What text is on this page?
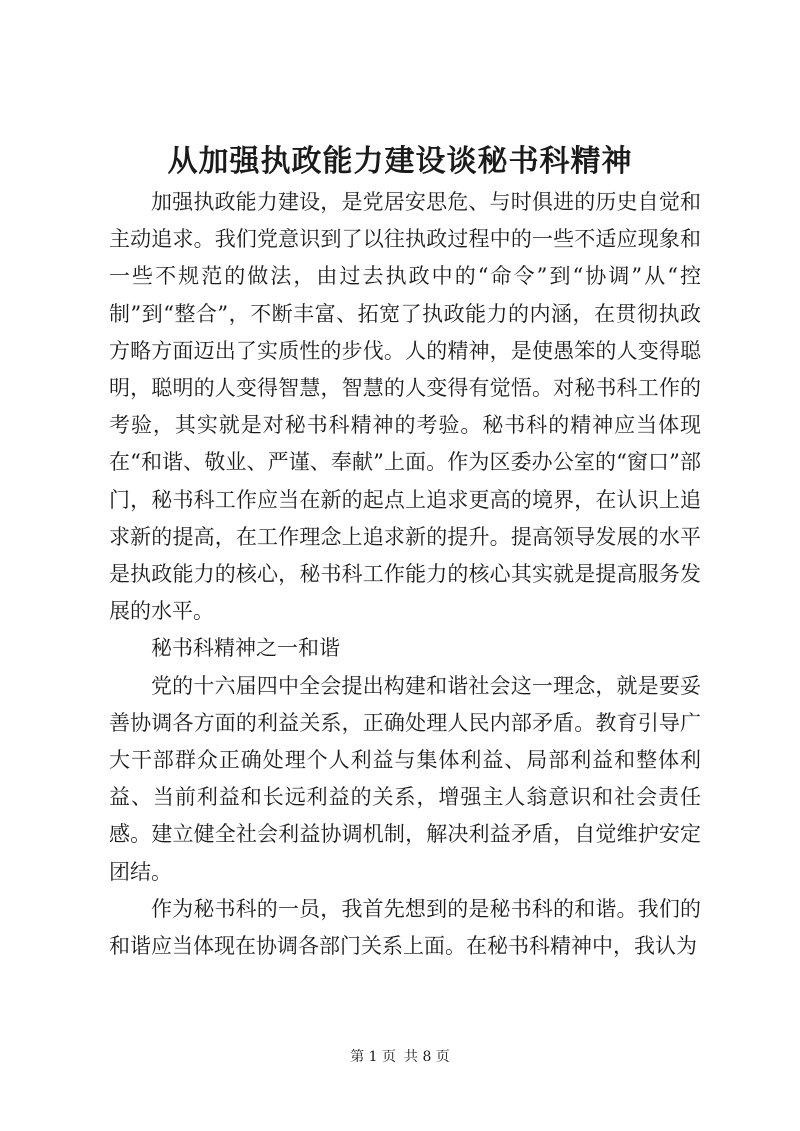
从加强执政能力建设谈秘书科精神

加强执政能力建设，是党居安思危、与时俱进的历史自觉和主动追求。我们党意识到了以往执政过程中的一些不适应现象和一些不规范的做法，由过去执政中的“命令”到“协调”从“控制”到“整合”，不断丰富、拓宽了执政能力的内涵，在贯彻执政方略方面迈出了实质性的步伐。人的精神，是使愚笨的人变得聪明，聪明的人变得智慧，智慧的人变得有觉悟。对秘书科工作的考验，其实就是对秘书科精神的考验。秘书科的精神应当体现在“和谐、敬业、严谨、奉献”上面。作为区委办公室的“窗口”部门，秘书科工作应当在新的起点上追求更高的境界，在认识上追求新的提高，在工作理念上追求新的提升。提高领导发展的水平是执政能力的核心，秘书科工作能力的核心其实就是提高服务发展的水平。

秘书科精神之一和谐

党的十六届四中全会提出构建和谐社会这一理念，就是要妥善协调各方面的利益关系，正确处理人民内部矛盾。教育引导广大干部群众正确处理个人利益与集体利益、局部利益和整体利益、当前利益和长远利益的关系，增强主人翁意识和社会责任感。建立健全社会利益协调机制，解决利益矛盾，自觉维护安定团结。

作为秘书科的一员，我首先想到的是秘书科的和谐。我们的和谐应当体现在协调各部门关系上面。在秘书科精神中，我认为

第 1 页 共 8 页
